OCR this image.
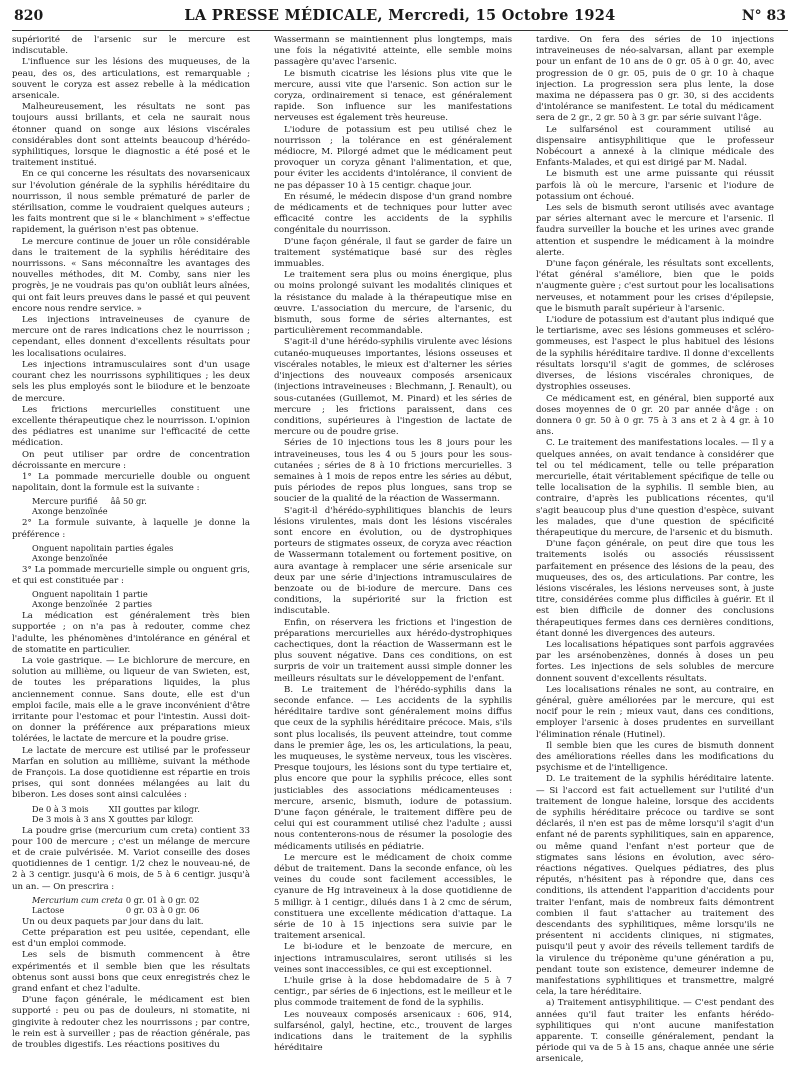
820	LA PRESSE MÉDICALE, Mercredi, 15 Octobre 1924	N° 83

supériorité de l'arsenic sur le mercure est indiscutable.

L'influence sur les lésions des muqueuses, de la peau, des os, des articulations, est remarquable ; souvent le coryza est assez rebelle à la médication arsenicale.

Malheureusement, les résultats ne sont pas toujours aussi brillants, et cela ne saurait nous étonner quand on songe aux lésions viscérales considérables dont sont atteints beaucoup d'hérédo-syphilitiques, lorsque le diagnostic a été posé et le traitement institué.

En ce qui concerne les résultats des novarsenicaux sur l'évolution générale de la syphilis héréditaire du nourrisson, il nous semble prématuré de parler de stérilisation, comme le voudraient quelques auteurs ; les faits montrent que si le « blanchiment » s'effectue rapidement, la guérison n'est pas obtenue.

Le mercure continue de jouer un rôle considérable dans le traitement de la syphilis héréditaire des nourrissons. « Sans méconnaître les avantages des nouvelles méthodes, dit M. Comby, sans nier les progrès, je ne voudrais pas qu'on oubliât leurs aînées, qui ont fait leurs preuves dans le passé et qui peuvent encore nous rendre service. »

Les injections intraveineuses de cyanure de mercure ont de rares indications chez le nourrisson ; cependant, elles donnent d'excellents résultats pour les localisations oculaires.

Les injections intramusculaires sont d'un usage courant chez les nourrissons syphilitiques ; les deux sels les plus employés sont le biiodure et le benzoate de mercure.

Les frictions mercurielles constituent une excellente thérapeutique chez le nourrisson. L'opinion des pédiatres est unanime sur l'efficacité de cette médication.

On peut utiliser par ordre de concentration décroissante en mercure :

1° La pommade mercurielle double ou onguent napolitain, dont la formule est la suivante :

Mercure purifié	ââ 50 gr.
Axonge benzoïnée	

2° La formule suivante, à laquelle je donne la préférence :

Onguent napolitain	parties égales
Axonge benzoïnée	

3° La pommade mercurielle simple ou onguent gris, et qui est constituée par :

Onguent napolitain	1 partie
Axonge benzoïnée	2 parties

La médication est généralement très bien supportée ; on n'a pas à redouter, comme chez l'adulte, les phénomènes d'intolérance en général et de stomatite en particulier.

La voie gastrique. — Le bichlorure de mercure, en solution au millième, ou liqueur de van Swieten, est, de toutes les préparations liquides, la plus anciennement connue. Sans doute, elle est d'un emploi facile, mais elle a le grave inconvénient d'être irritante pour l'estomac et pour l'intestin. Aussi doit-on donner la préférence aux préparations mieux tolérées, le lactate de mercure et la poudre grise.

Le lactate de mercure est utilisé par le professeur Marfan en solution au millième, suivant la méthode de François. La dose quotidienne est répartie en trois prises, qui sont données mélangées au lait du biberon. Les doses sont ainsi calculées :

De 0 à 3 mois	XII gouttes par kilogr.
De 3 mois à 3 ans	X gouttes par kilogr.

La poudre grise (mercurium cum creta) contient 33 pour 100 de mercure ; c'est un mélange de mercure et de craie pulvérisée. M. Variot conseille des doses quotidiennes de 1 centigr. 1/2 chez le nouveau-né, de 2 à 3 centigr. jusqu'à 6 mois, de 5 à 6 centigr. jusqu'à un an. — On prescrira :

Mercurium cum creta	0 gr. 01 à 0 gr. 02
Lactose	0 gr. 03 à 0 gr. 06

Un ou deux paquets par jour dans du lait.

Cette préparation est peu usitée, cependant, elle est d'un emploi commode.

Les sels de bismuth commencent à être expérimentés et il semble bien que les résultats obtenus sont aussi bons que ceux enregistrés chez le grand enfant et chez l'adulte.

D'une façon générale, le médicament est bien supporté : peu ou pas de douleurs, ni stomatite, ni gingivite à redouter chez les nourrissons ; par contre, le rein est à surveiller ; pas de réaction générale, pas de troubles digestifs. Les réactions positives du

Wassermann se maintiennent plus longtemps, mais une fois la négativité atteinte, elle semble moins passagère qu'avec l'arsenic.

Le bismuth cicatrise les lésions plus vite que le mercure, aussi vite que l'arsenic. Son action sur le coryza, ordinairement si tenace, est généralement rapide. Son influence sur les manifestations nerveuses est également très heureuse.

L'iodure de potassium est peu utilisé chez le nourrisson ; la tolérance en est généralement médiocre, M. Pilorgé admet que le médicament peut provoquer un coryza gênant l'alimentation, et que, pour éviter les accidents d'intolérance, il convient de ne pas dépasser 10 à 15 centigr. chaque jour.

En résumé, le médecin dispose d'un grand nombre de médicaments et de techniques pour lutter avec efficacité contre les accidents de la syphilis congénitale du nourrisson.

D'une façon générale, il faut se garder de faire un traitement systématique basé sur des règles immuables.

Le traitement sera plus ou moins énergique, plus ou moins prolongé suivant les modalités cliniques et la résistance du malade à la thérapeutique mise en œuvre. L'association du mercure, de l'arsenic, du bismuth, sous forme de séries alternantes, est particulièrement recommandable.

S'agit-il d'une hérédo-syphilis virulente avec lésions cutanéo-muqueuses importantes, lésions osseuses et viscérales notables, le mieux est d'alterner les séries d'injections des nouveaux composés arsenicaux (injections intraveineuses : Blechmann, J. Renault), ou sous-cutanées (Guillemot, M. Pinard) et les séries de mercure ; les frictions paraissent, dans ces conditions, supérieures à l'ingestion de lactate de mercure ou de poudre grise.

Séries de 10 injections tous les 8 jours pour les intraveineuses, tous les 4 ou 5 jours pour les sous-cutanées ; séries de 8 à 10 frictions mercurielles. 3 semaines à 1 mois de repos entre les séries au début, puis périodes de repos plus longues, sans trop se soucier de la qualité de la réaction de Wassermann.

S'agit-il d'hérédo-syphilitiques blanchis de leurs lésions virulentes, mais dont les lésions viscérales sont encore en évolution, ou de dystrophiques porteurs de stigmates osseux, de coryza avec réaction de Wassermann totalement ou fortement positive, on aura avantage à remplacer une série arsenicale sur deux par une série d'injections intramusculaires de benzoate ou de bi-iodure de mercure. Dans ces conditions, la supériorité sur la friction est indiscutable.

Enfin, on réservera les frictions et l'ingestion de préparations mercurielles aux hérédo-dystrophiques cachectiques, dont la réaction de Wassermann est le plus souvent négative. Dans ces conditions, on est surpris de voir un traitement aussi simple donner les meilleurs résultats sur le développement de l'enfant.

B. Le traitement de l'hérédo-syphilis dans la seconde enfance. — Les accidents de la syphilis héréditaire tardive sont généralement moins diffus que ceux de la syphilis héréditaire précoce. Mais, s'ils sont plus localisés, ils peuvent atteindre, tout comme dans le premier âge, les os, les articulations, la peau, les muqueuses, le système nerveux, tous les viscères. Presque toujours, les lésions sont du type tertiaire et, plus encore que pour la syphilis précoce, elles sont justiciables des associations médicamenteuses : mercure, arsenic, bismuth, iodure de potassium. D'une façon générale, le traitement diffère peu de celui qui est couramment utilisé chez l'adulte ; aussi nous contenterons-nous de résumer la posologie des médicaments utilisés en pédiatrie.

Le mercure est le médicament de choix comme début de traitement. Dans la seconde enfance, où les veines du coude sont facilement accessibles, le cyanure de Hg intraveineux à la dose quotidienne de 5 milligr. à 1 centigr., dilués dans 1 à 2 cmc de sérum, constituera une excellente médication d'attaque. La série de 10 à 15 injections sera suivie par le traitement arsenical.

Le bi-iodure et le benzoate de mercure, en injections intramusculaires, seront utilisés si les veines sont inaccessibles, ce qui est exceptionnel.

L'huile grise à la dose hebdomadaire de 5 à 7 centigr., par séries de 6 injections, est le meilleur et le plus commode traitement de fond de la syphilis.

Les nouveaux composés arsenicaux : 606, 914, sulfarsénol, galyl, hectine, etc., trouvent de larges indications dans le traitement de la syphilis héréditaire

tardive. On fera des séries de 10 injections intraveineuses de néo-salvarsan, allant par exemple pour un enfant de 10 ans de 0 gr. 05 à 0 gr. 40, avec progression de 0 gr. 05, puis de 0 gr. 10 à chaque injection. La progression sera plus lente, la dose maxima ne dépassera pas 0 gr. 30, si des accidents d'intolérance se manifestent. Le total du médicament sera de 2 gr., 2 gr. 50 à 3 gr. par série suivant l'âge.

Le sulfarsénol est couramment utilisé au dispensaire antisyphilitique que le professeur Nobécourt a annexé à la clinique médicale des Enfants-Malades, et qui est dirigé par M. Nadal.

Le bismuth est une arme puissante qui réussit parfois là où le mercure, l'arsenic et l'iodure de potassium ont échoué.

Les sels de bismuth seront utilisés avec avantage par séries alternant avec le mercure et l'arsenic. Il faudra surveiller la bouche et les urines avec grande attention et suspendre le médicament à la moindre alerte.

D'une façon générale, les résultats sont excellents, l'état général s'améliore, bien que le poids n'augmente guère ; c'est surtout pour les localisations nerveuses, et notamment pour les crises d'épilepsie, que le bismuth paraît supérieur à l'arsenic.

L'iodure de potassium est d'autant plus indiqué que le tertiarisme, avec ses lésions gommeuses et scléro-gommeuses, est l'aspect le plus habituel des lésions de la syphilis héréditaire tardive. Il donne d'excellents résultats lorsqu'il s'agit de gommes, de scléroses diverses, de lésions viscérales chroniques, de dystrophies osseuses.

Ce médicament est, en général, bien supporté aux doses moyennes de 0 gr. 20 par année d'âge : on donnera 0 gr. 50 à 0 gr. 75 à 3 ans et 2 à 4 gr. à 10 ans.

C. Le traitement des manifestations locales. — Il y a quelques années, on avait tendance à considérer que tel ou tel médicament, telle ou telle préparation mercurielle, était véritablement spécifique de telle ou telle localisation de la syphilis. Il semble bien, au contraire, d'après les publications récentes, qu'il s'agit beaucoup plus d'une question d'espèce, suivant les malades, que d'une question de spécificité thérapeutique du mercure, de l'arsenic et du bismuth.

D'une façon générale, on peut dire que tous les traitements isolés ou associés réussissent parfaitement en présence des lésions de la peau, des muqueuses, des os, des articulations. Par contre, les lésions viscérales, les lésions nerveuses sont, à juste titre, considérées comme plus difficiles à guérir. Et il est bien difficile de donner des conclusions thérapeutiques fermes dans ces dernières conditions, étant donné les divergences des auteurs.

Les localisations hépatiques sont parfois aggravées par les arsénobenzènes, donnés à doses un peu fortes. Les injections de sels solubles de mercure donnent souvent d'excellents résultats.

Les localisations rénales ne sont, au contraire, en général, guère améliorées par le mercure, qui est nocif pour le rein ; mieux vaut, dans ces conditions, employer l'arsenic à doses prudentes en surveillant l'élimination rénale (Hutinel).

Il semble bien que les cures de bismuth donnent des améliorations réelles dans les modifications du psychisme et de l'intelligence.

D. Le traitement de la syphilis héréditaire latente. — Si l'accord est fait actuellement sur l'utilité d'un traitement de longue haleine, lorsque des accidents de syphilis héréditaire précoce ou tardive se sont déclarés, il n'en est pas de même lorsqu'il s'agit d'un enfant né de parents syphilitiques, sain en apparence, ou même quand l'enfant n'est porteur que de stigmates sans lésions en évolution, avec séro-réactions négatives. Quelques pédiatres, des plus réputés, n'hésitent pas à répondre que, dans ces conditions, ils attendent l'apparition d'accidents pour traiter l'enfant, mais de nombreux faits démontrent combien il faut s'attacher au traitement des descendants des syphilitiques, même lorsqu'ils ne présentent ni accidents cliniques, ni stigmates, puisqu'il peut y avoir des réveils tellement tardifs de la virulence du tréponème qu'une génération a pu, pendant toute son existence, demeurer indemne de manifestations syphilitiques et transmettre, malgré cela, la tare héréditaire.

a) Traitement antisyphilitique. — C'est pendant des années qu'il faut traiter les enfants hérédo-syphilitiques qui n'ont aucune manifestation apparente. T. conseille généralement, pendant la période qui va de 5 à 15 ans, chaque année une série arsenicale,
